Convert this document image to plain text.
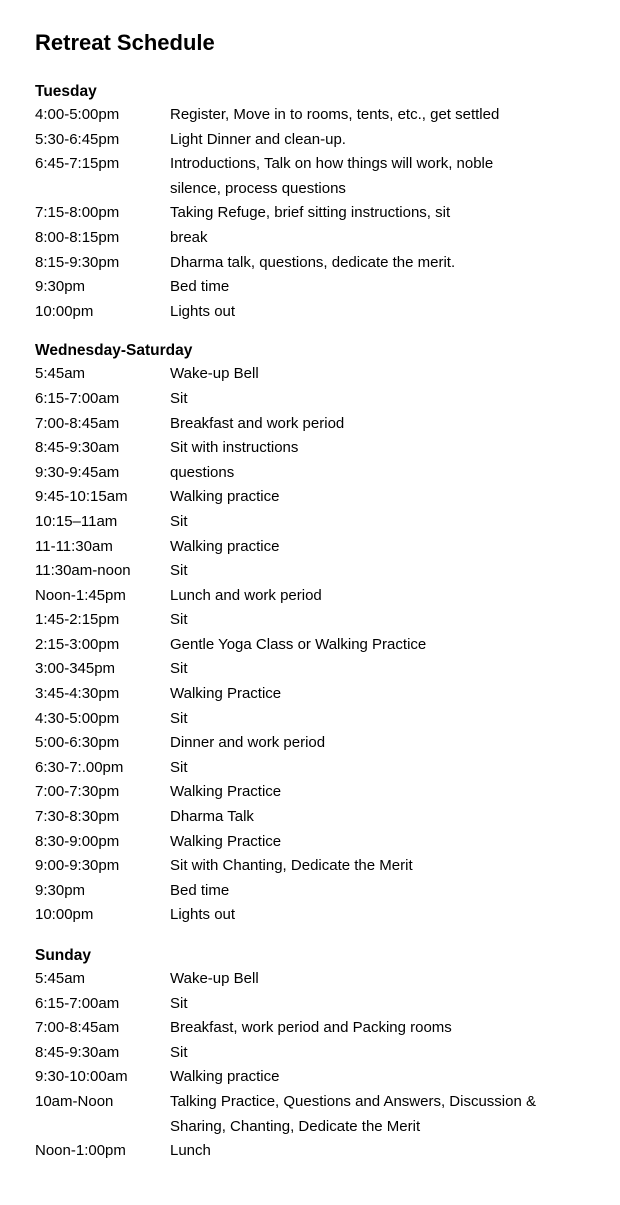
Retreat Schedule
Tuesday
4:00-5:00pm	Register, Move in to rooms, tents, etc., get settled
5:30-6:45pm	Light Dinner and clean-up.
6:45-7:15pm	Introductions, Talk on how things will work, noble
silence, process questions
7:15-8:00pm	Taking Refuge, brief sitting instructions, sit
8:00-8:15pm	break
8:15-9:30pm	Dharma talk, questions, dedicate the merit.
9:30pm	Bed time
10:00pm	Lights out
Wednesday-Saturday
5:45am	Wake-up Bell
6:15-7:00am	Sit
7:00-8:45am	Breakfast and work period
8:45-9:30am	Sit with instructions
9:30-9:45am	questions
9:45-10:15am	Walking practice
10:15–11am	Sit
11-11:30am	Walking practice
11:30am-noon	Sit
Noon-1:45pm	Lunch and work period
1:45-2:15pm	Sit
2:15-3:00pm	Gentle Yoga Class or Walking Practice
3:00-345pm	Sit
3:45-4:30pm	Walking Practice
4:30-5:00pm	Sit
5:00-6:30pm	Dinner and work period
6:30-7:.00pm	Sit
7:00-7:30pm	Walking Practice
7:30-8:30pm	Dharma Talk
8:30-9:00pm	Walking Practice
9:00-9:30pm	Sit with Chanting, Dedicate the Merit
9:30pm	Bed time
10:00pm	Lights out
Sunday
5:45am	Wake-up Bell
6:15-7:00am	Sit
7:00-8:45am	Breakfast, work period and Packing rooms
8:45-9:30am	Sit
9:30-10:00am	Walking practice
10am-Noon	Talking Practice, Questions and Answers, Discussion &
Sharing, Chanting, Dedicate the Merit
Noon-1:00pm	Lunch
